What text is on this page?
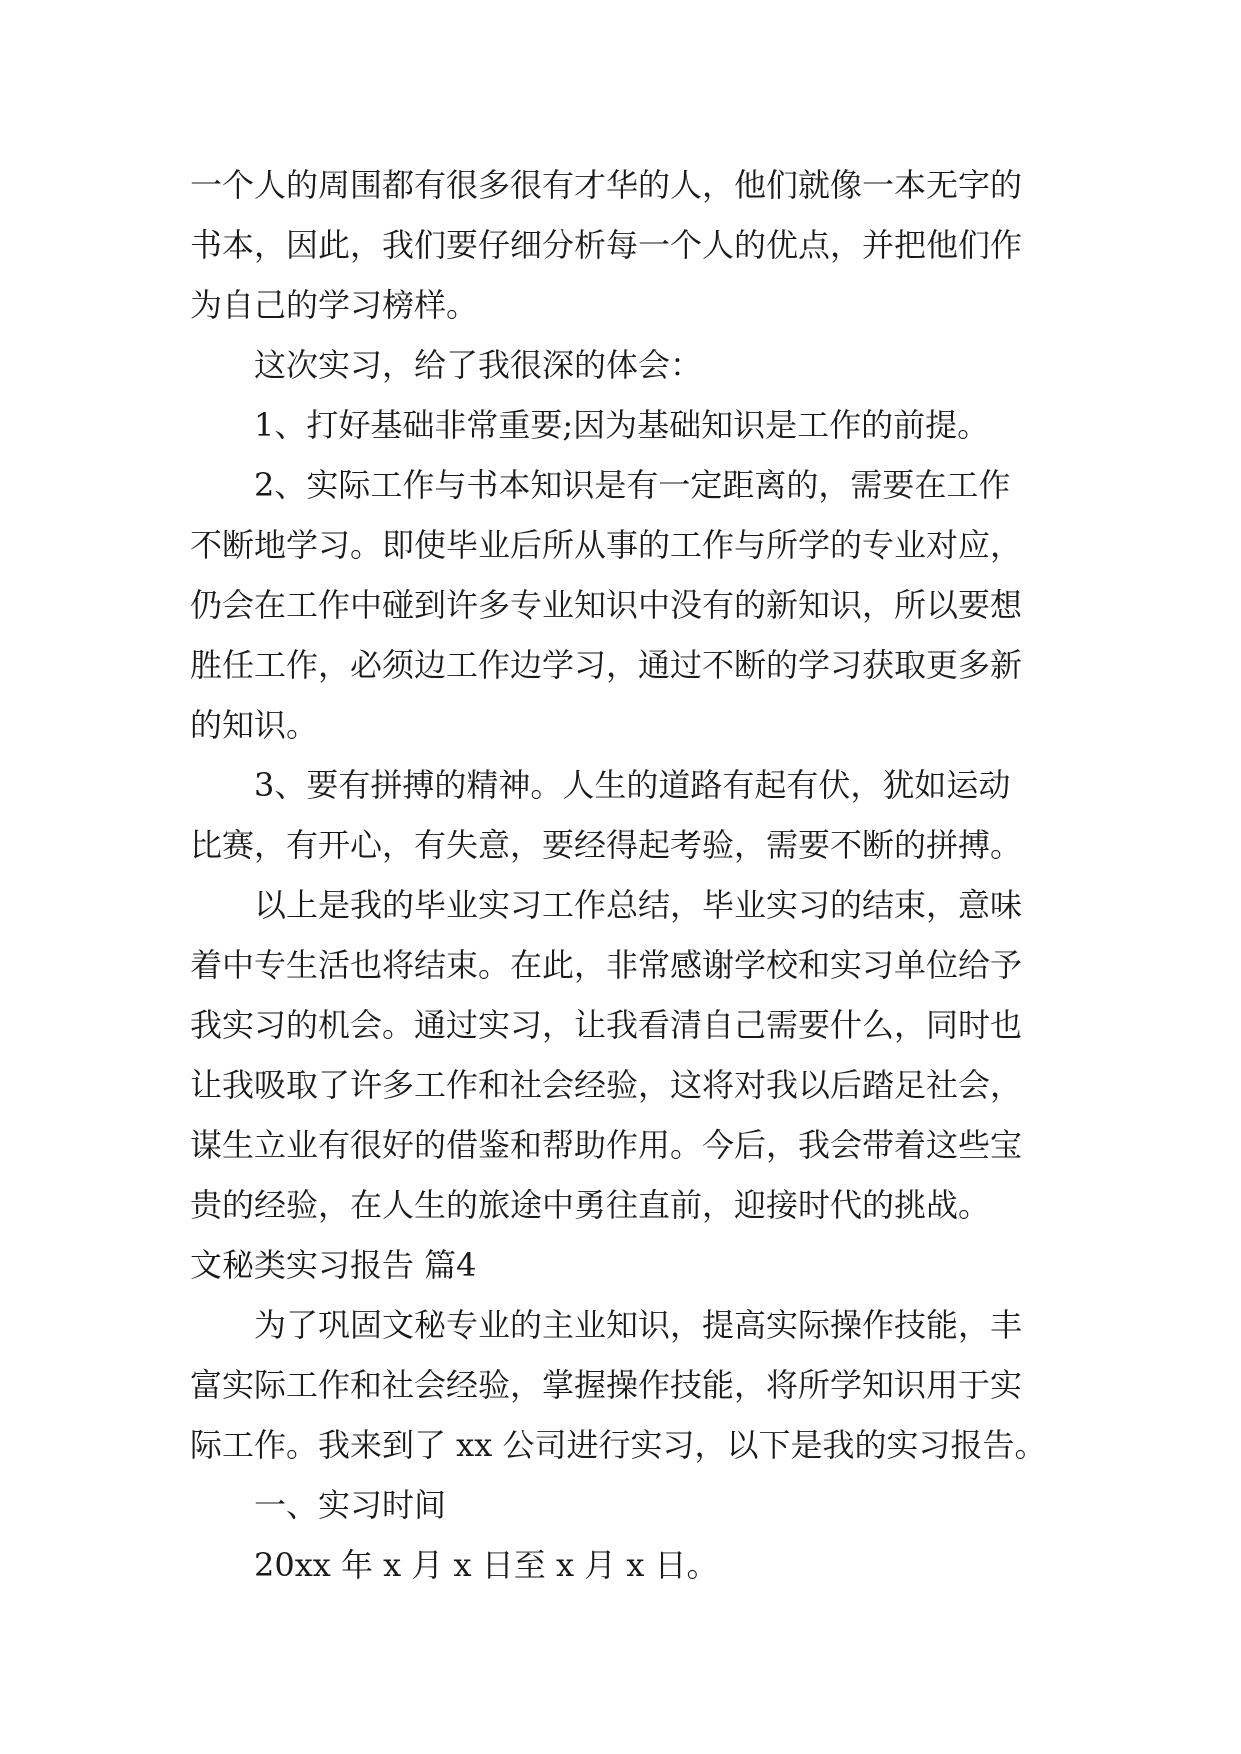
一个人的周围都有很多很有才华的人，他们就像一本无字的

书本，因此，我们要仔细分析每一个人的优点，并把他们作

为自己的学习榜样。

这次实习，给了我很深的体会：

1、打好基础非常重要;因为基础知识是工作的前提。

2、实际工作与书本知识是有一定距离的，需要在工作

不断地学习。即使毕业后所从事的工作与所学的专业对应，

仍会在工作中碰到许多专业知识中没有的新知识，所以要想

胜任工作，必须边工作边学习，通过不断的学习获取更多新

的知识。

3、要有拼搏的精神。人生的道路有起有伏，犹如运动

比赛，有开心，有失意，要经得起考验，需要不断的拼搏。

以上是我的毕业实习工作总结，毕业实习的结束，意味

着中专生活也将结束。在此，非常感谢学校和实习单位给予

我实习的机会。通过实习，让我看清自己需要什么，同时也

让我吸取了许多工作和社会经验，这将对我以后踏足社会，

谋生立业有很好的借鉴和帮助作用。今后，我会带着这些宝

贵的经验，在人生的旅途中勇往直前，迎接时代的挑战。

文秘类实习报告 篇4

为了巩固文秘专业的主业知识，提高实际操作技能，丰

富实际工作和社会经验，掌握操作技能，将所学知识用于实

际工作。我来到了 xx 公司进行实习，以下是我的实习报告。

一、实习时间

20xx 年 x 月 x 日至 x 月 x 日。
